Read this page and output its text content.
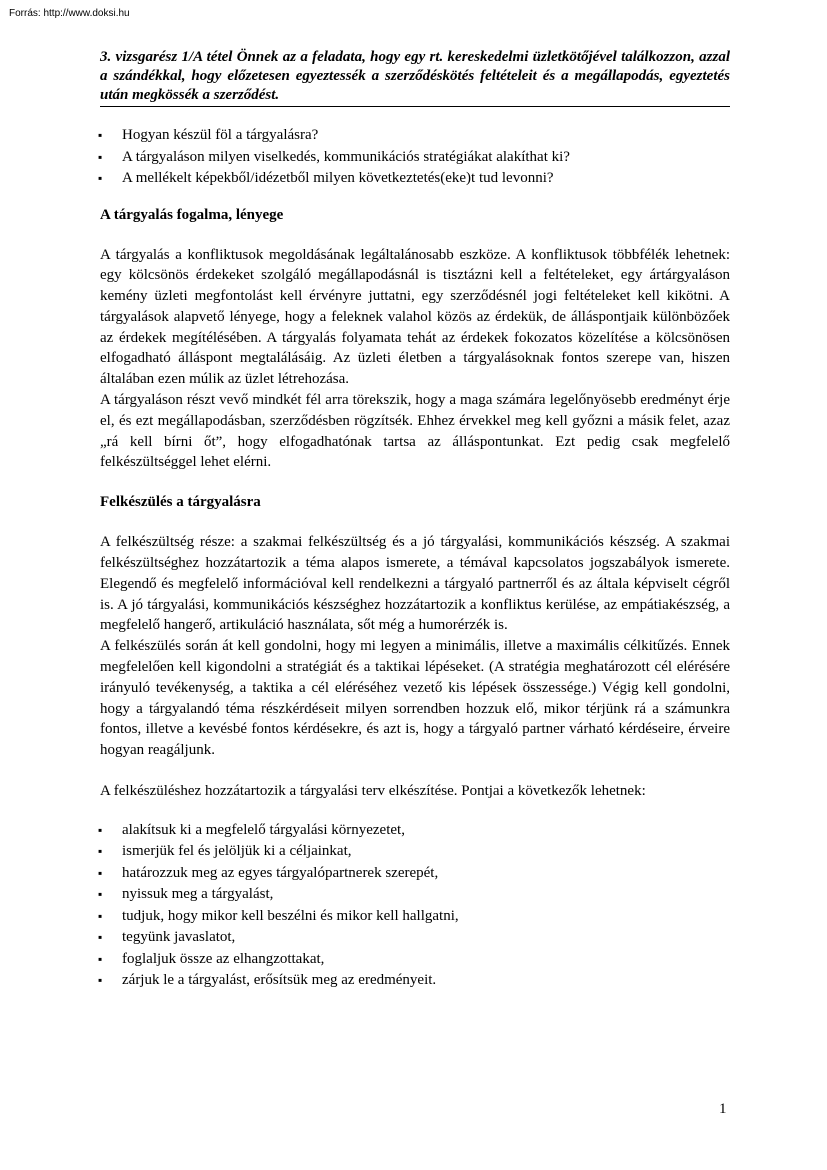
Forrás: http://www.doksi.hu

3. vizsgarész 1/A tétel Önnek az a feladata, hogy egy rt. kereskedelmi üzletkötőjével találkozzon, azzal a szándékkal, hogy előzetesen egyeztessék a szerződéskötés feltételeit és a megállapodás, egyeztetés után megkössék a szerződést.

▪ Hogyan készül föl a tárgyalásra?
▪ A tárgyaláson milyen viselkedés, kommunikációs stratégiákat alakíthat ki?
▪ A mellékelt képekből/idézetből milyen következtetés(eke)t tud levonni?
A tárgyalás fogalma, lényege

A tárgyalás a konfliktusok megoldásának legáltalánosabb eszköze. A konfliktusok többfélék lehetnek: egy kölcsönös érdekeket szolgáló megállapodásnál is tisztázni kell a feltételeket, egy ártárgyaláson kemény üzleti megfontolást kell érvényre juttatni, egy szerződésnél jogi feltételeket kell kikötni. A tárgyalások alapvető lényege, hogy a feleknek valahol közös az érdekük, de álláspontjaik különbözőek az érdekek megítélésében. A tárgyalás folyamata tehát az érdekek fokozatos közelítése a kölcsönösen elfogadható álláspont megtalálásáig. Az üzleti életben a tárgyalásoknak fontos szerepe van, hiszen általában ezen múlik az üzlet létrehozása.

A tárgyaláson részt vevő mindkét fél arra törekszik, hogy a maga számára legelőnyösebb eredményt érje el, és ezt megállapodásban, szerződésben rögzítsék. Ehhez érvekkel meg kell győzni a másik felet, azaz „rá kell bírni őt”, hogy elfogadhatónak tartsa az álláspontunkat. Ezt pedig csak megfelelő felkészültséggel lehet elérni.

Felkészülés a tárgyalásra

A felkészültség része: a szakmai felkészültség és a jó tárgyalási, kommunikációs készség. A szakmai felkészültséghez hozzátartozik a téma alapos ismerete, a témával kapcsolatos jogszabályok ismerete. Elegendő és megfelelő információval kell rendelkezni a tárgyaló partnerről és az általa képviselt cégről is. A jó tárgyalási, kommunikációs készséghez hozzátartozik a konfliktus kerülése, az empátiakészség, a megfelelő hangerő, artikuláció használata, sőt még a humorérzék is.

A felkészülés során át kell gondolni, hogy mi legyen a minimális, illetve a maximális célkitűzés. Ennek megfelelően kell kigondolni a stratégiát és a taktikai lépéseket. (A stratégia meghatározott cél elérésére irányuló tevékenység, a taktika a cél eléréséhez vezető kis lépések összessége.) Végig kell gondolni, hogy a tárgyalandó téma részkérdéseit milyen sorrendben hozzuk elő, mikor térjünk rá a számunkra fontos, illetve a kevésbé fontos kérdésekre, és azt is, hogy a tárgyaló partner várható kérdéseire, érveire hogyan reagáljunk.

A felkészüléshez hozzátartozik a tárgyalási terv elkészítése. Pontjai a következők lehetnek:

▪ alakítsuk ki a megfelelő tárgyalási környezetet,
▪ ismerjük fel és jelöljük ki a céljainkat,
▪ határozzuk meg az egyes tárgyalópartnerek szerepét,
▪ nyissuk meg a tárgyalást,
▪ tudjuk, hogy mikor kell beszélni és mikor kell hallgatni,
▪ tegyünk javaslatot,
▪ foglaljuk össze az elhangzottakat,
▪ zárjuk le a tárgyalást, erősítsük meg az eredményeit.
1
